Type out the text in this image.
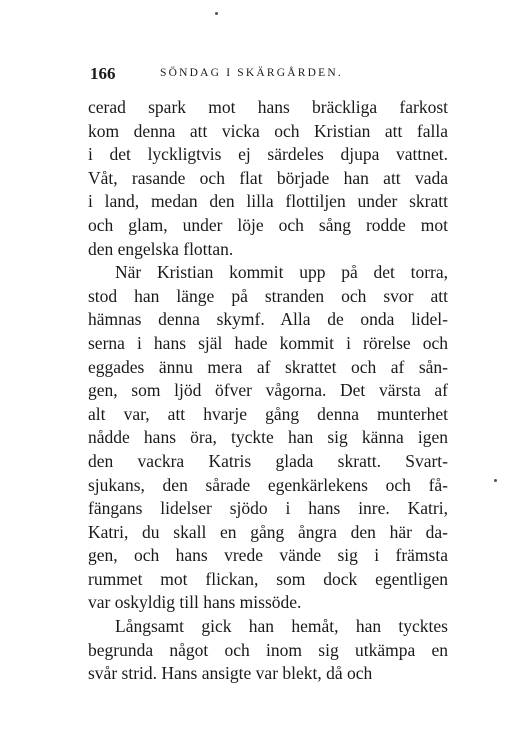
166	SÖNDAG I SKÄRGÅRDEN.
cerad spark mot hans bräckliga farkost
kom denna att vicka och Kristian att falla
i det lyckligtvis ej särdeles djupa vattnet.
Våt, rasande och flat började han att vada
i land, medan den lilla flottiljen under skratt
och glam, under löje och sång rodde mot
den engelska flottan.
När Kristian kommit upp på det torra,
stod han länge på stranden och svor att
hämnas denna skymf. Alla de onda lidel-
serna i hans själ hade kommit i rörelse och
eggades ännu mera af skrattet och af sån-
gen, som ljöd öfver vågorna. Det värsta af
alt var, att hvarje gång denna munterhet
nådde hans öra, tyckte han sig känna igen
den vackra Katris glada skratt. Svart-
sjukans, den sårade egenkärlekens och få-
fängans lidelser sjödo i hans inre. Katri,
Katri, du skall en gång ångra den här da-
gen, och hans vrede vände sig i främsta
rummet mot flickan, som dock egentligen
var oskyldig till hans missöde.
Långsamt gick han hemåt, han tycktes
begrunda något och inom sig utkämpa en
svår strid. Hans ansigte var blekt, då och
